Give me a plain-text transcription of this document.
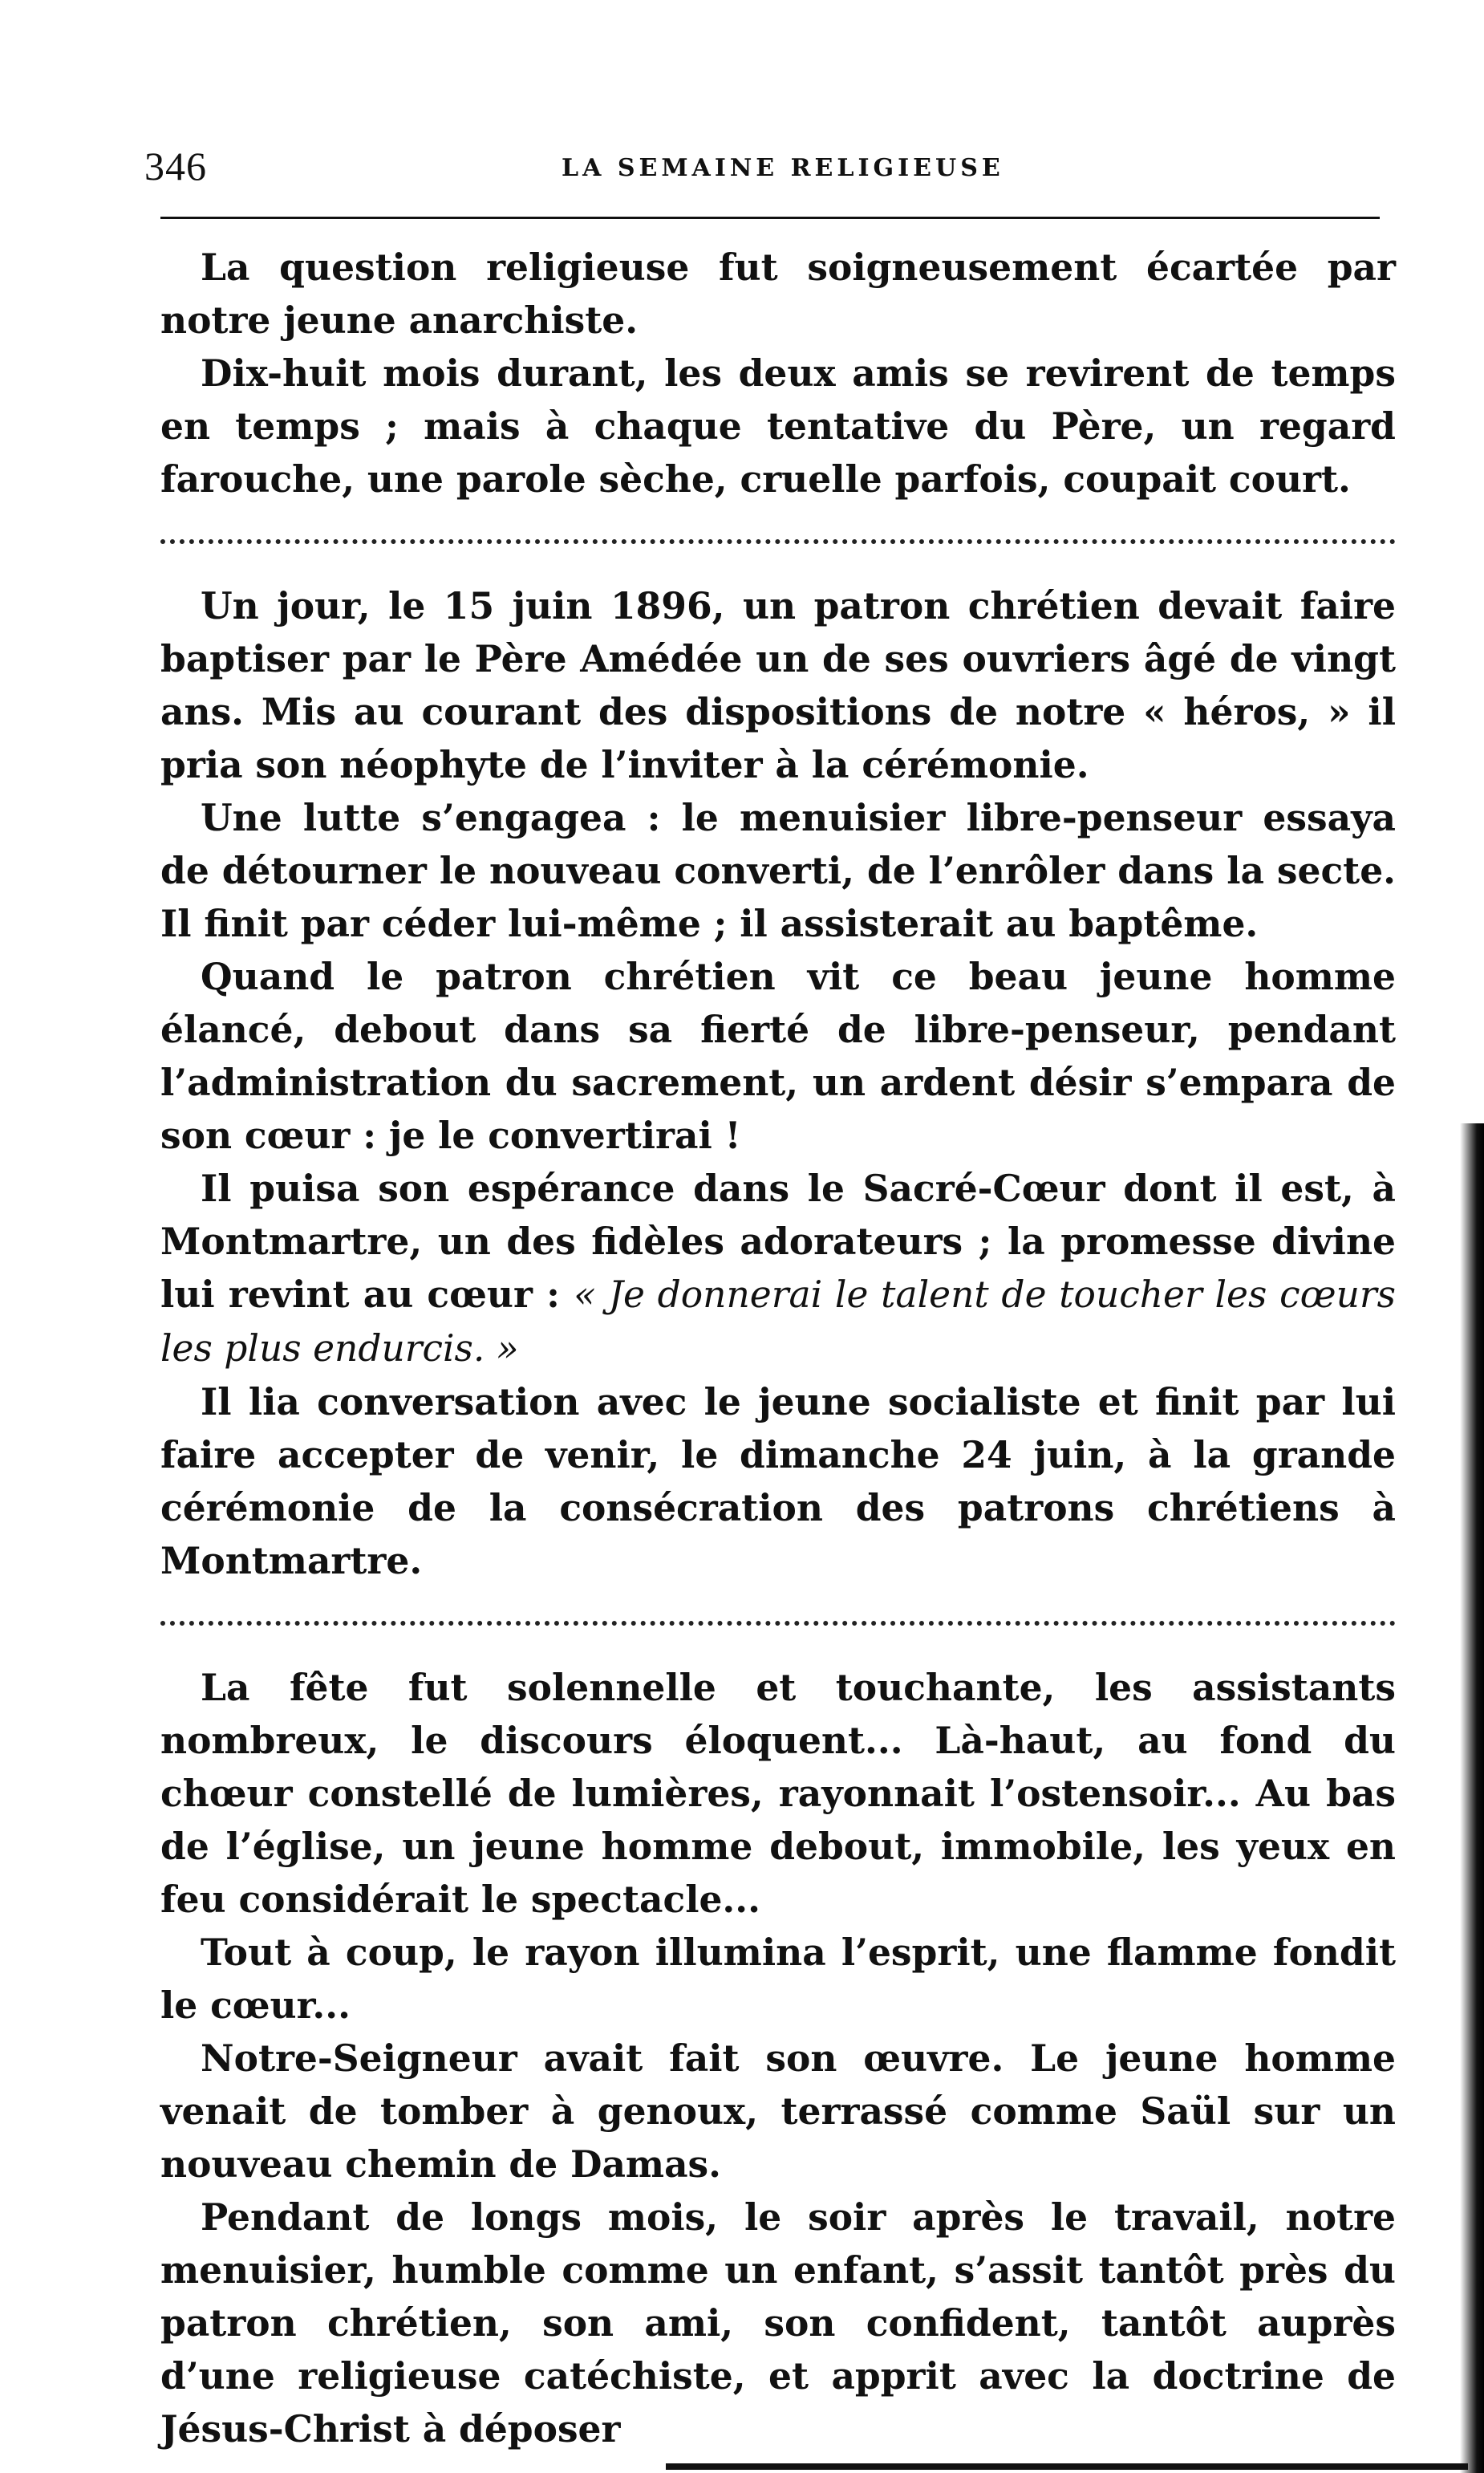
346	LA SEMAINE RELIGIEUSE

La question religieuse fut soigneusement écartée par notre jeune anarchiste.

Dix-huit mois durant, les deux amis se revirent de temps en temps ; mais à chaque tentative du Père, un regard farouche, une parole sèche, cruelle parfois, coupait court.

Un jour, le 15 juin 1896, un patron chrétien devait faire baptiser par le Père Amédée un de ses ouvriers âgé de vingt ans. Mis au courant des dispositions de notre « héros, » il pria son néophyte de l’inviter à la cérémonie.

Une lutte s’engagea : le menuisier libre-penseur essaya de détourner le nouveau converti, de l’enrôler dans la secte. Il finit par céder lui-même ; il assisterait au baptême.

Quand le patron chrétien vit ce beau jeune homme élancé, debout dans sa fierté de libre-penseur, pendant l’administration du sacrement, un ardent désir s’empara de son cœur : je le convertirai !

Il puisa son espérance dans le Sacré-Cœur dont il est, à Montmartre, un des fidèles adorateurs ; la promesse divine lui revint au cœur : « Je donnerai le talent de toucher les cœurs les plus endurcis. »

Il lia conversation avec le jeune socialiste et finit par lui faire accepter de venir, le dimanche 24 juin, à la grande cérémonie de la consécration des patrons chrétiens à Montmartre.

La fête fut solennelle et touchante, les assistants nombreux, le discours éloquent... Là-haut, au fond du chœur constellé de lumières, rayonnait l’ostensoir... Au bas de l’église, un jeune homme debout, immobile, les yeux en feu considérait le spectacle...

Tout à coup, le rayon illumina l’esprit, une flamme fondit le cœur...

Notre-Seigneur avait fait son œuvre. Le jeune homme venait de tomber à genoux, terrassé comme Saül sur un nouveau chemin de Damas.

Pendant de longs mois, le soir après le travail, notre menuisier, humble comme un enfant, s’assit tantôt près du patron chrétien, son ami, son confident, tantôt auprès d’une religieuse catéchiste, et apprit avec la doctrine de Jésus-Christ à déposer
